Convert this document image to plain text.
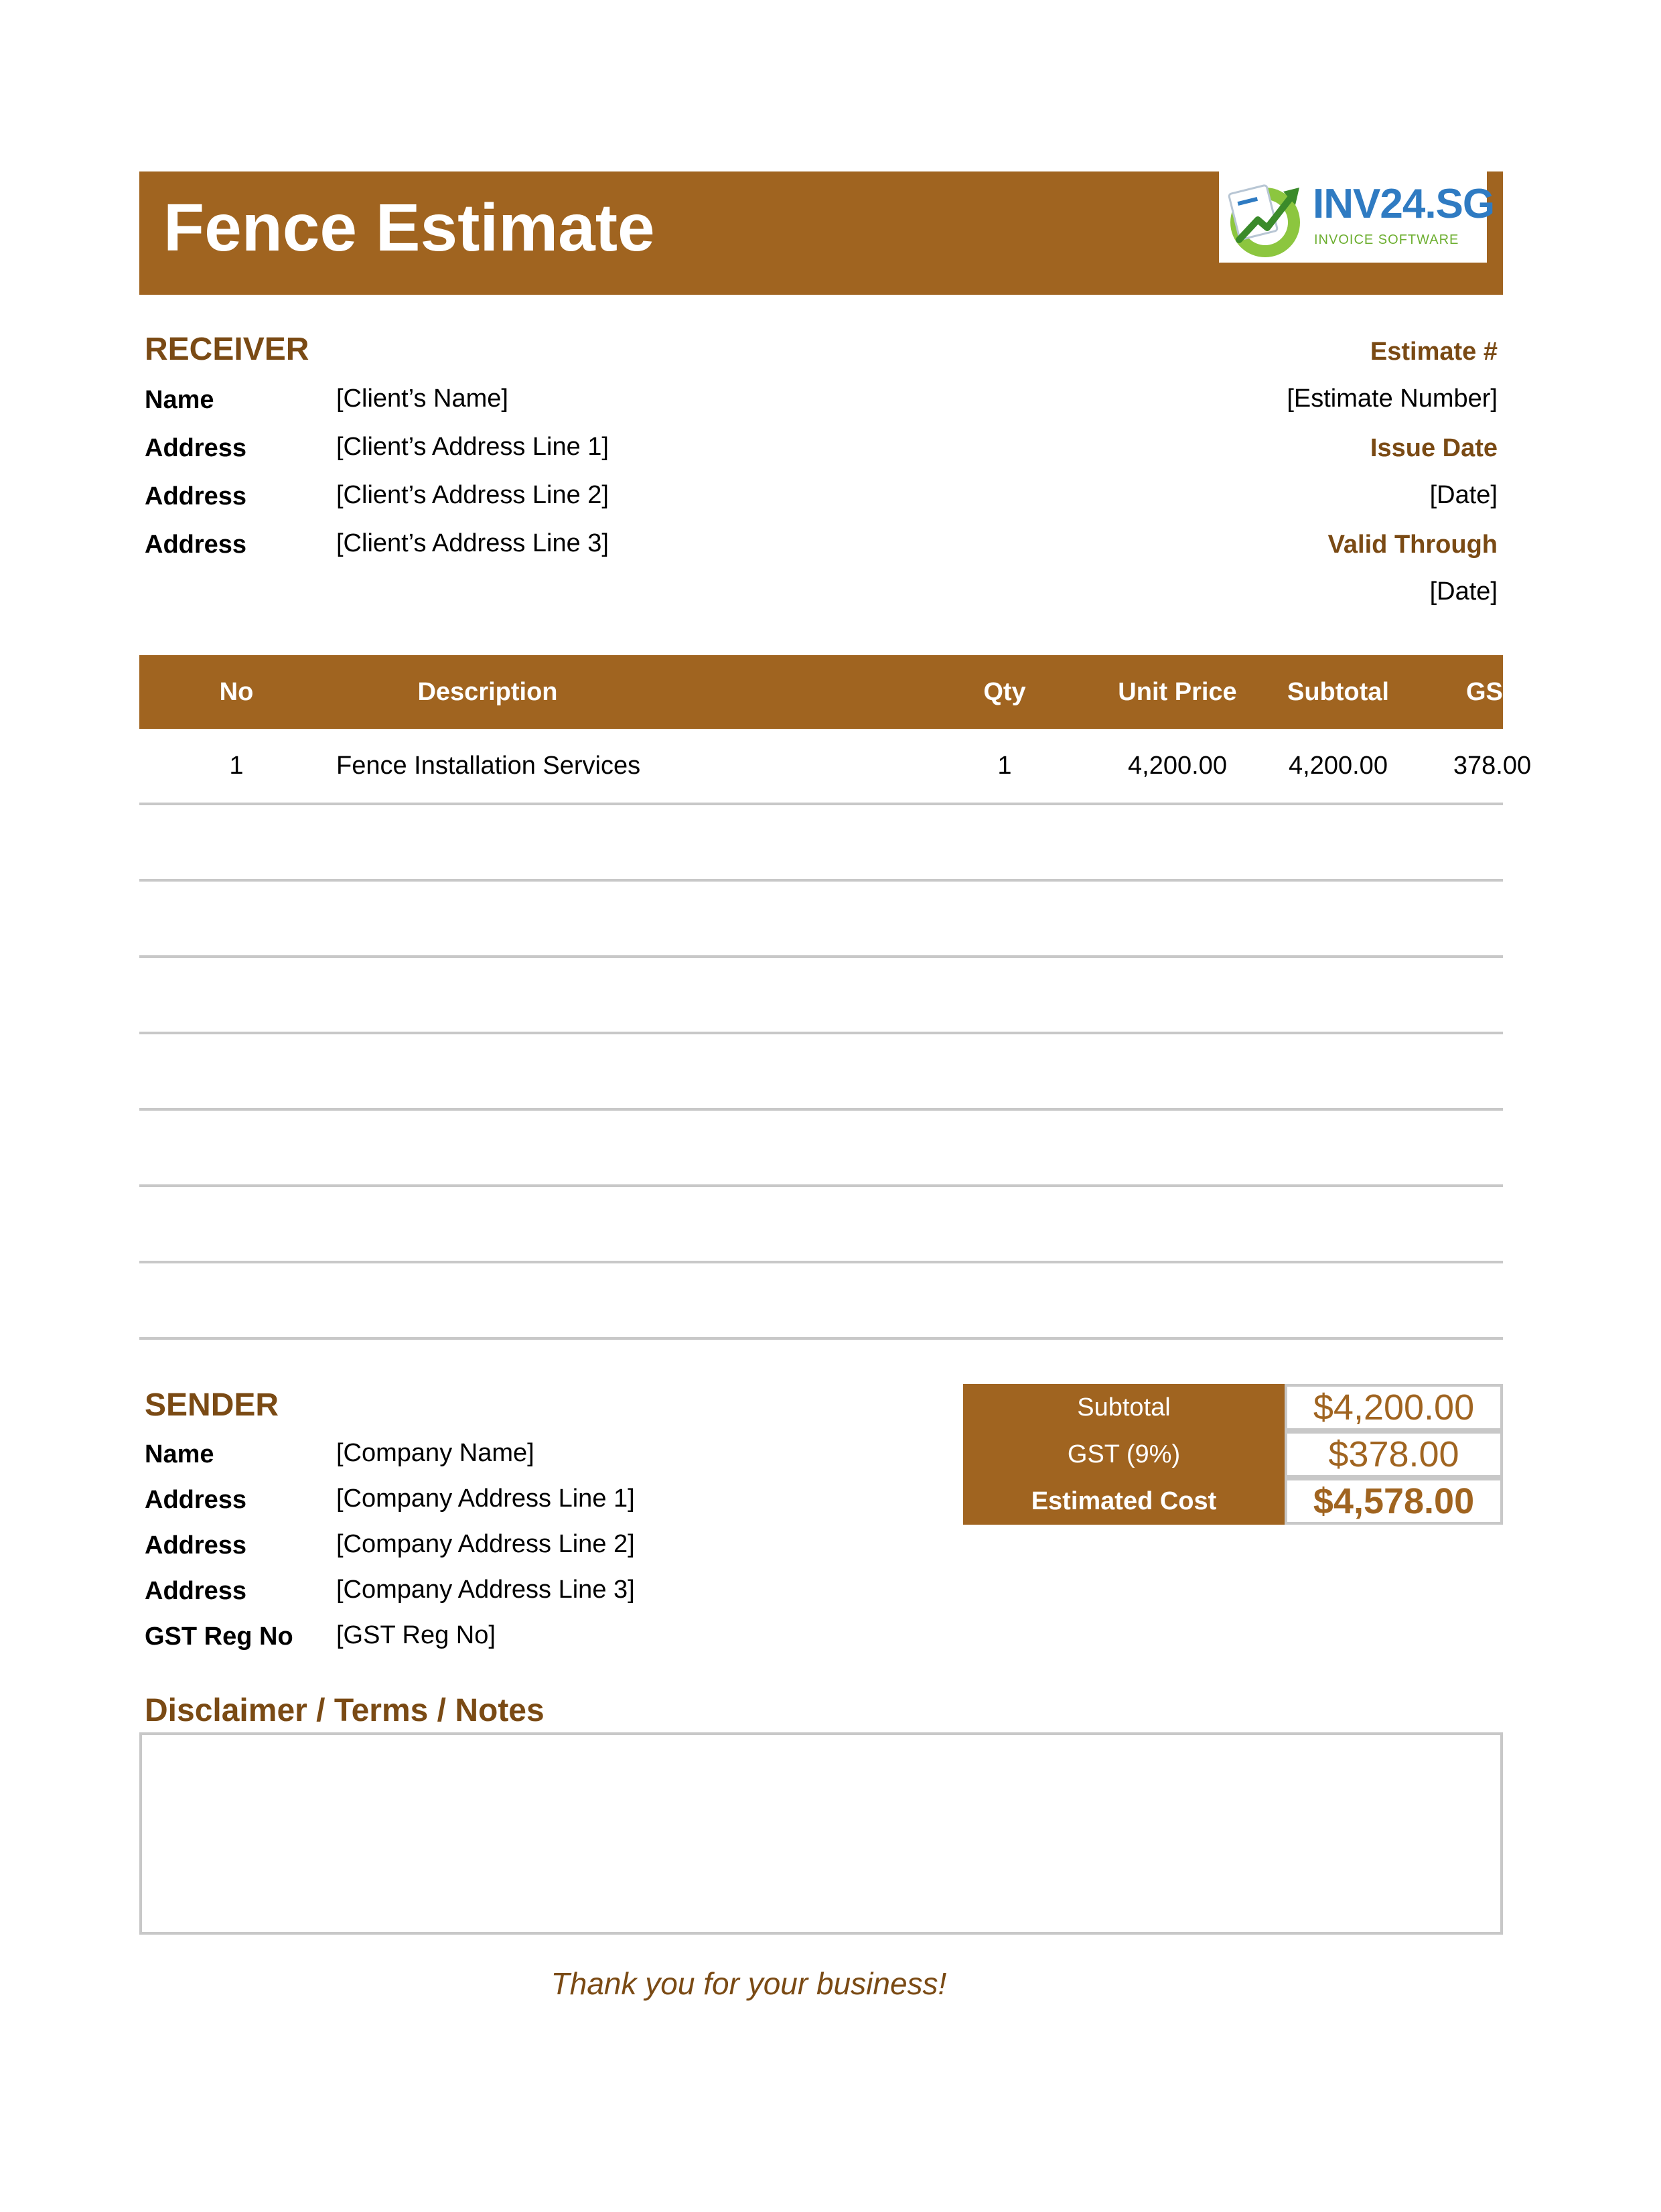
Fence Estimate	INV24.SG
INVOICE SOFTWARE
RECEIVER
Name	[Client’s Name]
Address	[Client’s Address Line 1]
Address	[Client’s Address Line 2]
Address	[Client’s Address Line 3]
Estimate #
[Estimate Number]
Issue Date
[Date]
Valid Through
[Date]
No	Description	Qty	Unit Price	Subtotal	GST
1	Fence Installation Services	1	4,200.00	4,200.00	378.00
SENDER
Name	[Company Name]
Address	[Company Address Line 1]
Address	[Company Address Line 2]
Address	[Company Address Line 3]
GST Reg No [GST Reg No]
Subtotal	$4,200.00
GST (9%)	$378.00
Estimated Cost	$4,578.00
Disclaimer / Terms / Notes
Thank you for your business!
